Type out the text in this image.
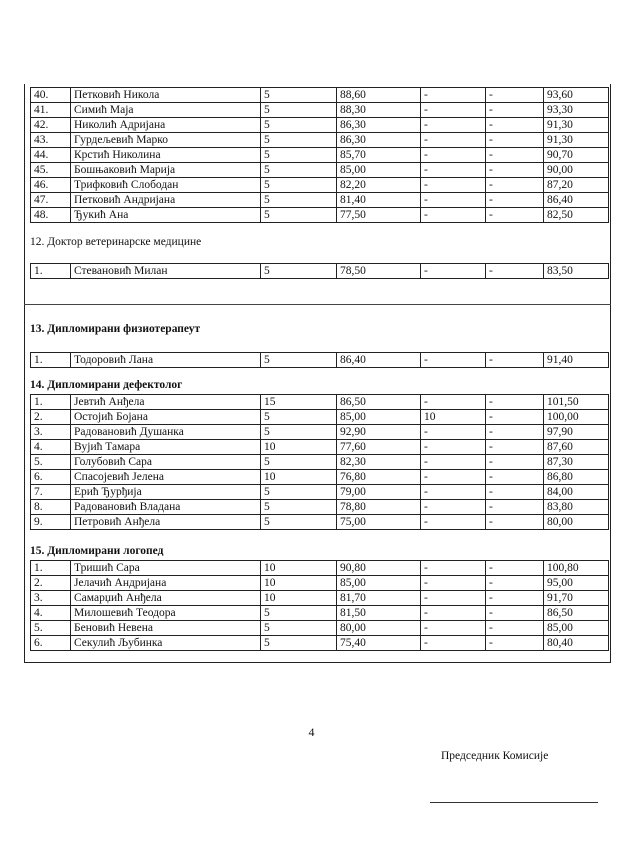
40.	Петковић Никола	5	88,60	-	-	93,60
41.	Симић Маја	5	88,30	-	-	93,30
42.	Николић Адријана	5	86,30	-	-	91,30
43.	Гурдељевић Марко	5	86,30	-	-	91,30
44.	Крстић Николина	5	85,70	-	-	90,70
45.	Бошњаковић Марија	5	85,00	-	-	90,00
46.	Трифковић Слободан	5	82,20	-	-	87,20
47.	Петковић Андријана	5	81,40	-	-	86,40
48.	Ђукић Ана	5	77,50	-	-	82,50
12. Доктор ветеринарске медицине
1.	Стевановић Милан	5	78,50	-	-	83,50
13. Дипломирани физиотерапеут
1.	Тодоровић Лана	5	86,40	-	-	91,40
14. Дипломирани дефектолог
1.	Јевтић Анђела	15	86,50	-	-	101,50
2.	Остојић Бојана	5	85,00	10	-	100,00
3.	Радовановић Душанка	5	92,90	-	-	97,90
4.	Вујић Тамара	10	77,60	-	-	87,60
5.	Голубовић Сара	5	82,30	-	-	87,30
6.	Спасојевић Јелена	10	76,80	-	-	86,80
7.	Ерић Ђурђија	5	79,00	-	-	84,00
8.	Радовановић Владана	5	78,80	-	-	83,80
9.	Петровић Анђела	5	75,00	-	-	80,00
15. Дипломирани логопед
1.	Тришић Сара	10	90,80	-	-	100,80
2.	Јелачић Андријана	10	85,00	-	-	95,00
3.	Самарџић Анђела	10	81,70	-	-	91,70
4.	Милошевић Теодора	5	81,50	-	-	86,50
5.	Беновић Невена	5	80,00	-	-	85,00
6.	Секулић Љубинка	5	75,40	-	-	80,40
4
Председник Комисије
